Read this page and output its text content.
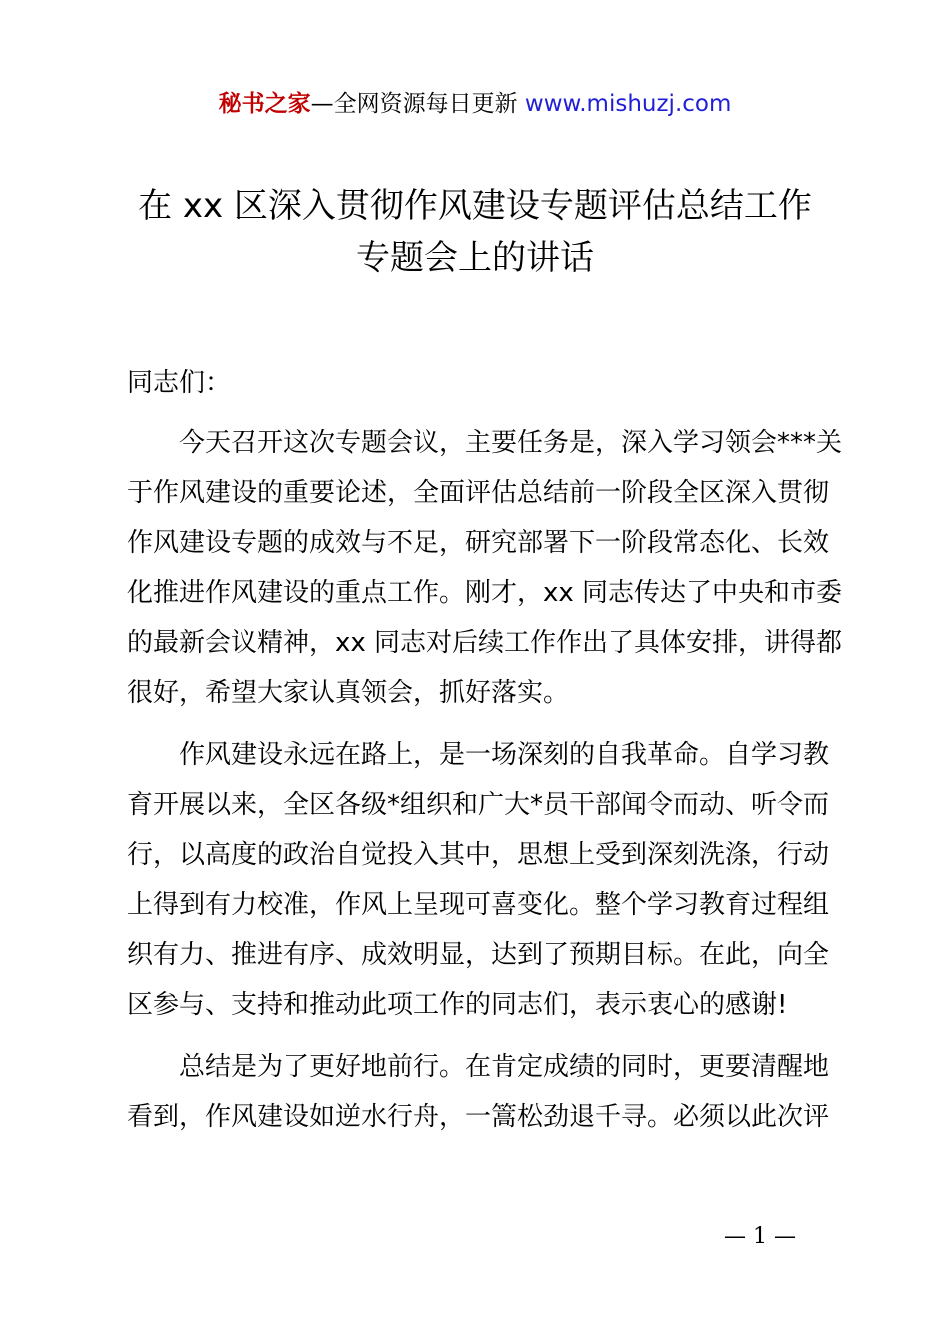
秘书之家—全网资源每日更新 www.mishuzj.com
在 xx 区深入贯彻作风建设专题评估总结工作
专题会上的讲话
同志们：
　　今天召开这次专题会议，主要任务是，深入学习领会***关
于作风建设的重要论述，全面评估总结前一阶段全区深入贯彻
作风建设专题的成效与不足，研究部署下一阶段常态化、长效
化推进作风建设的重点工作。刚才，xx 同志传达了中央和市委
的最新会议精神，xx 同志对后续工作作出了具体安排，讲得都
很好，希望大家认真领会，抓好落实。
　　作风建设永远在路上，是一场深刻的自我革命。自学习教
育开展以来，全区各级*组织和广大*员干部闻令而动、听令而
行，以高度的政治自觉投入其中，思想上受到深刻洗涤，行动
上得到有力校准，作风上呈现可喜变化。整个学习教育过程组
织有力、推进有序、成效明显，达到了预期目标。在此，向全
区参与、支持和推动此项工作的同志们，表示衷心的感谢!
　　总结是为了更好地前行。在肯定成绩的同时，更要清醒地
看到，作风建设如逆水行舟，一篙松劲退千寻。必须以此次评
— 1 —
